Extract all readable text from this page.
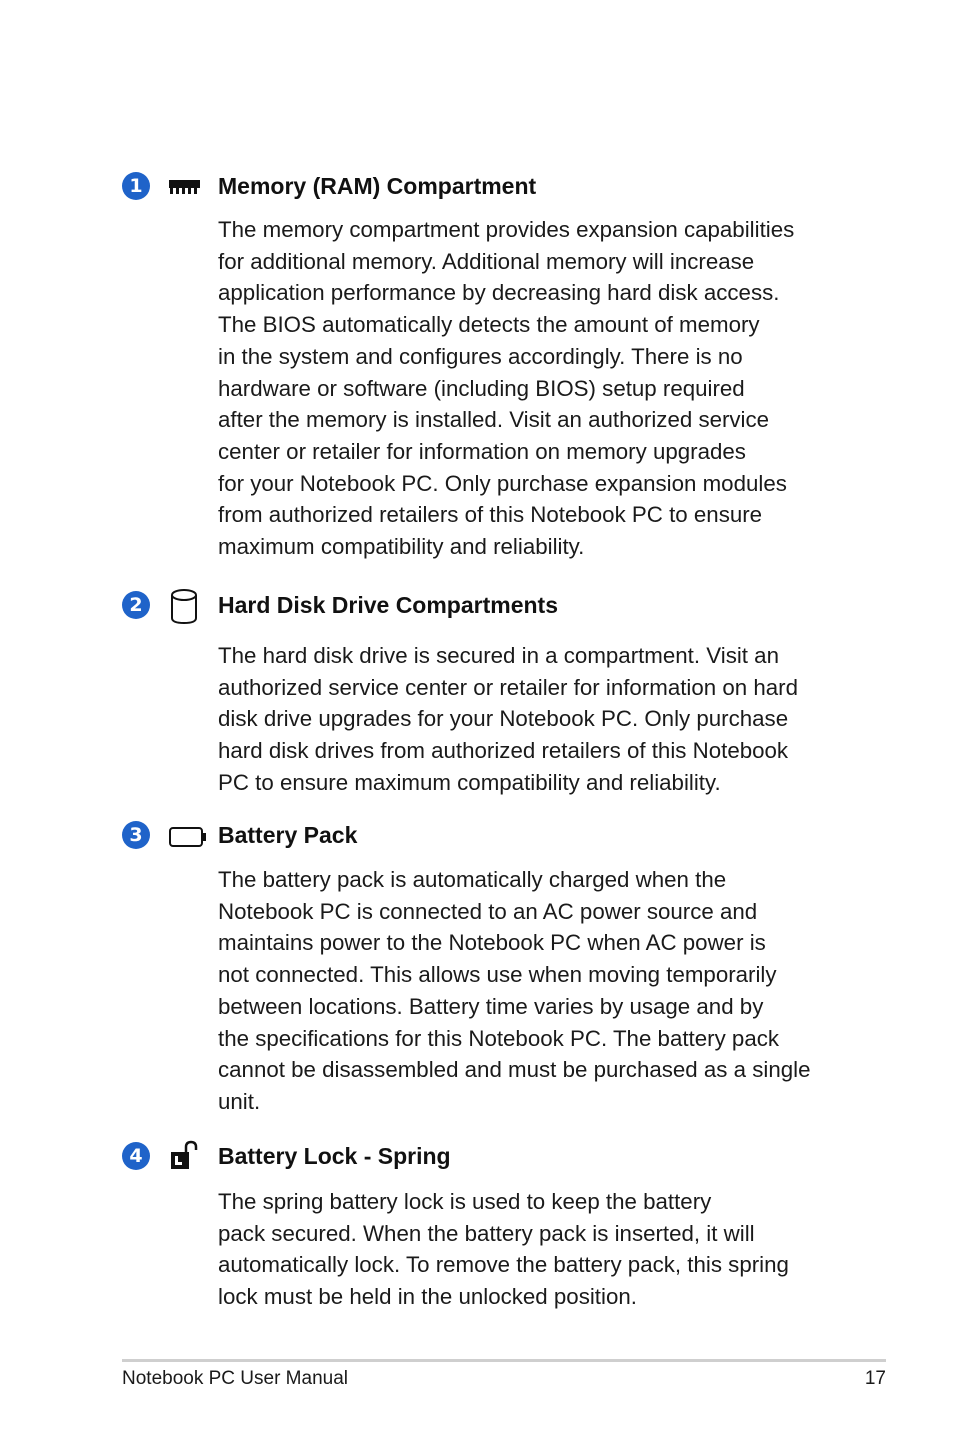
1	Memory (RAM) Compartment

The memory compartment provides expansion capabilities
for additional memory. Additional memory will increase
application performance by decreasing hard disk access.
The BIOS automatically detects the amount of memory
in the system and configures accordingly. There is no
hardware or software (including BIOS) setup required
after the memory is installed. Visit an authorized service
center or retailer for information on memory upgrades
for your Notebook PC. Only purchase expansion modules
from authorized retailers of this Notebook PC to ensure
maximum compatibility and reliability.

2	Hard Disk Drive Compartments

The hard disk drive is secured in a compartment. Visit an
authorized service center or retailer for information on hard
disk drive upgrades for your Notebook PC. Only purchase
hard disk drives from authorized retailers of this Notebook
PC to ensure maximum compatibility and reliability.

3	Battery Pack

The battery pack is automatically charged when the
Notebook PC is connected to an AC power source and
maintains power to the Notebook PC when AC power is
not connected. This allows use when moving temporarily
between locations. Battery time varies by usage and by
the specifications for this Notebook PC. The battery pack
cannot be disassembled and must be purchased as a single
unit.

4	Battery Lock - Spring

The spring battery lock is used to keep the battery
pack secured. When the battery pack is inserted, it will
automatically lock. To remove the battery pack, this spring
lock must be held in the unlocked position.

Notebook PC User Manual	17
